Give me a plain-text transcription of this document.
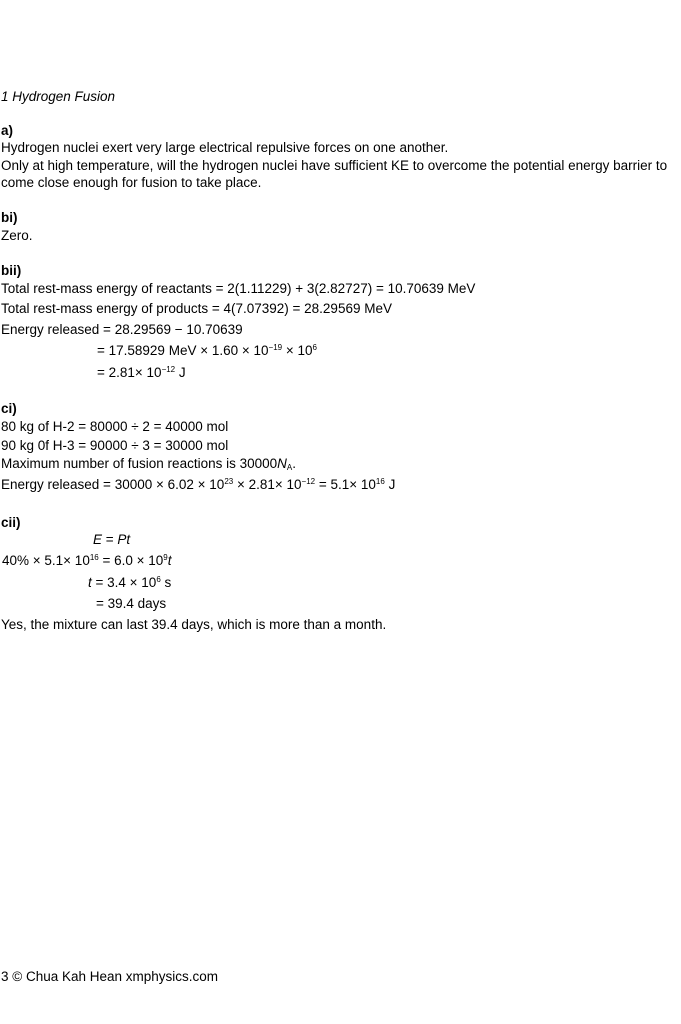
1 Hydrogen Fusion
a)
Hydrogen nuclei exert very large electrical repulsive forces on one another.
Only at high temperature, will the hydrogen nuclei have sufficient KE to overcome the potential energy barrier to come close enough for fusion to take place.
bi)
Zero.
bii)
Total rest-mass energy of reactants = 2(1.11229) + 3(2.82727) = 10.70639 MeV
Total rest-mass energy of products = 4(7.07392) = 28.29569 MeV
Energy released = 28.29569 − 10.70639
= 17.58929 MeV × $1.60 \times 10^{-19} \times 10^6$
= $2.81\times 10^{-12}$ J
ci)
80 kg of H-2 = 80000 ÷ 2 = 40000 mol
90 kg 0f H-3 = 90000 ÷ 3 = 30000 mol
Maximum number of fusion reactions is $30000N_A$.
Energy released = $30000 \times 6.02 \times 10^{23} \times 2.81\times 10^{-12} = 5.1\times 10^{16}$ J
cii)
E = Pt
$40\% \times 5.1\times 10^{16} = 6.0 \times 10^9t$
$t = 3.4 \times 10^6$ s
= 39.4 days
Yes, the mixture can last 39.4 days, which is more than a month.
3 © Chua Kah Hean xmphysics.com
